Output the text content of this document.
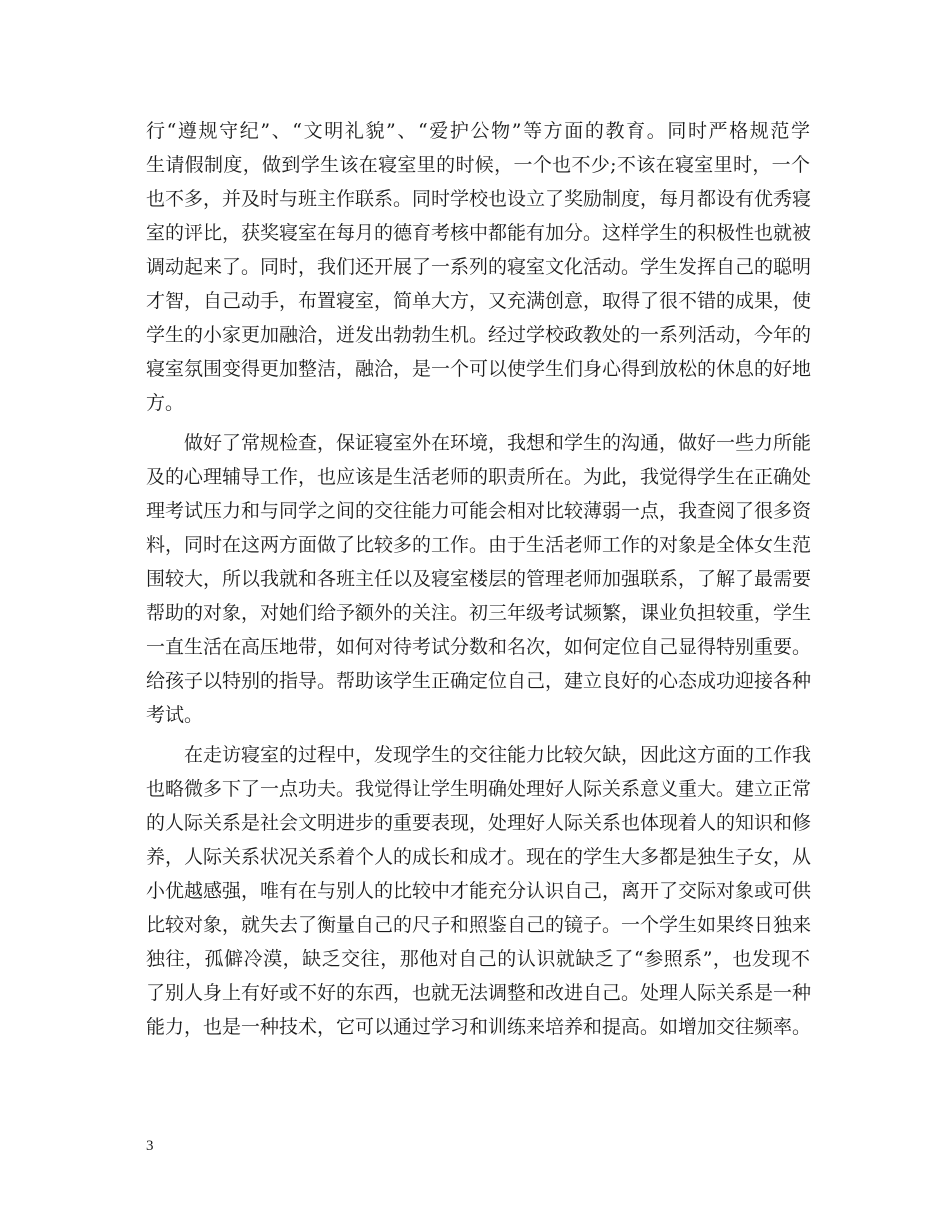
行“遵规守纪”、“文明礼貌”、“爱护公物”等方面的教育。同时严格规范学
生请假制度，做到学生该在寝室里的时候，一个也不少;不该在寝室里时，一个
也不多，并及时与班主作联系。同时学校也设立了奖励制度，每月都设有优秀寝
室的评比，获奖寝室在每月的德育考核中都能有加分。这样学生的积极性也就被
调动起来了。同时，我们还开展了一系列的寝室文化活动。学生发挥自己的聪明
才智，自己动手，布置寝室，简单大方，又充满创意，取得了很不错的成果，使
学生的小家更加融洽，迸发出勃勃生机。经过学校政教处的一系列活动，今年的
寝室氛围变得更加整洁，融洽，是一个可以使学生们身心得到放松的休息的好地
方。
　　做好了常规检查，保证寝室外在环境，我想和学生的沟通，做好一些力所能
及的心理辅导工作，也应该是生活老师的职责所在。为此，我觉得学生在正确处
理考试压力和与同学之间的交往能力可能会相对比较薄弱一点，我查阅了很多资
料，同时在这两方面做了比较多的工作。由于生活老师工作的对象是全体女生范
围较大，所以我就和各班主任以及寝室楼层的管理老师加强联系，了解了最需要
帮助的对象，对她们给予额外的关注。初三年级考试频繁，课业负担较重，学生
一直生活在高压地带，如何对待考试分数和名次，如何定位自己显得特别重要。
给孩子以特别的指导。帮助该学生正确定位自己，建立良好的心态成功迎接各种
考试。
　　在走访寝室的过程中，发现学生的交往能力比较欠缺，因此这方面的工作我
也略微多下了一点功夫。我觉得让学生明确处理好人际关系意义重大。建立正常
的人际关系是社会文明进步的重要表现，处理好人际关系也体现着人的知识和修
养，人际关系状况关系着个人的成长和成才。现在的学生大多都是独生子女，从
小优越感强，唯有在与别人的比较中才能充分认识自己，离开了交际对象或可供
比较对象，就失去了衡量自己的尺子和照鉴自己的镜子。一个学生如果终日独来
独往，孤僻冷漠，缺乏交往，那他对自己的认识就缺乏了“参照系”，也发现不
了别人身上有好或不好的东西，也就无法调整和改进自己。处理人际关系是一种
能力，也是一种技术，它可以通过学习和训练来培养和提高。如增加交往频率。
3
